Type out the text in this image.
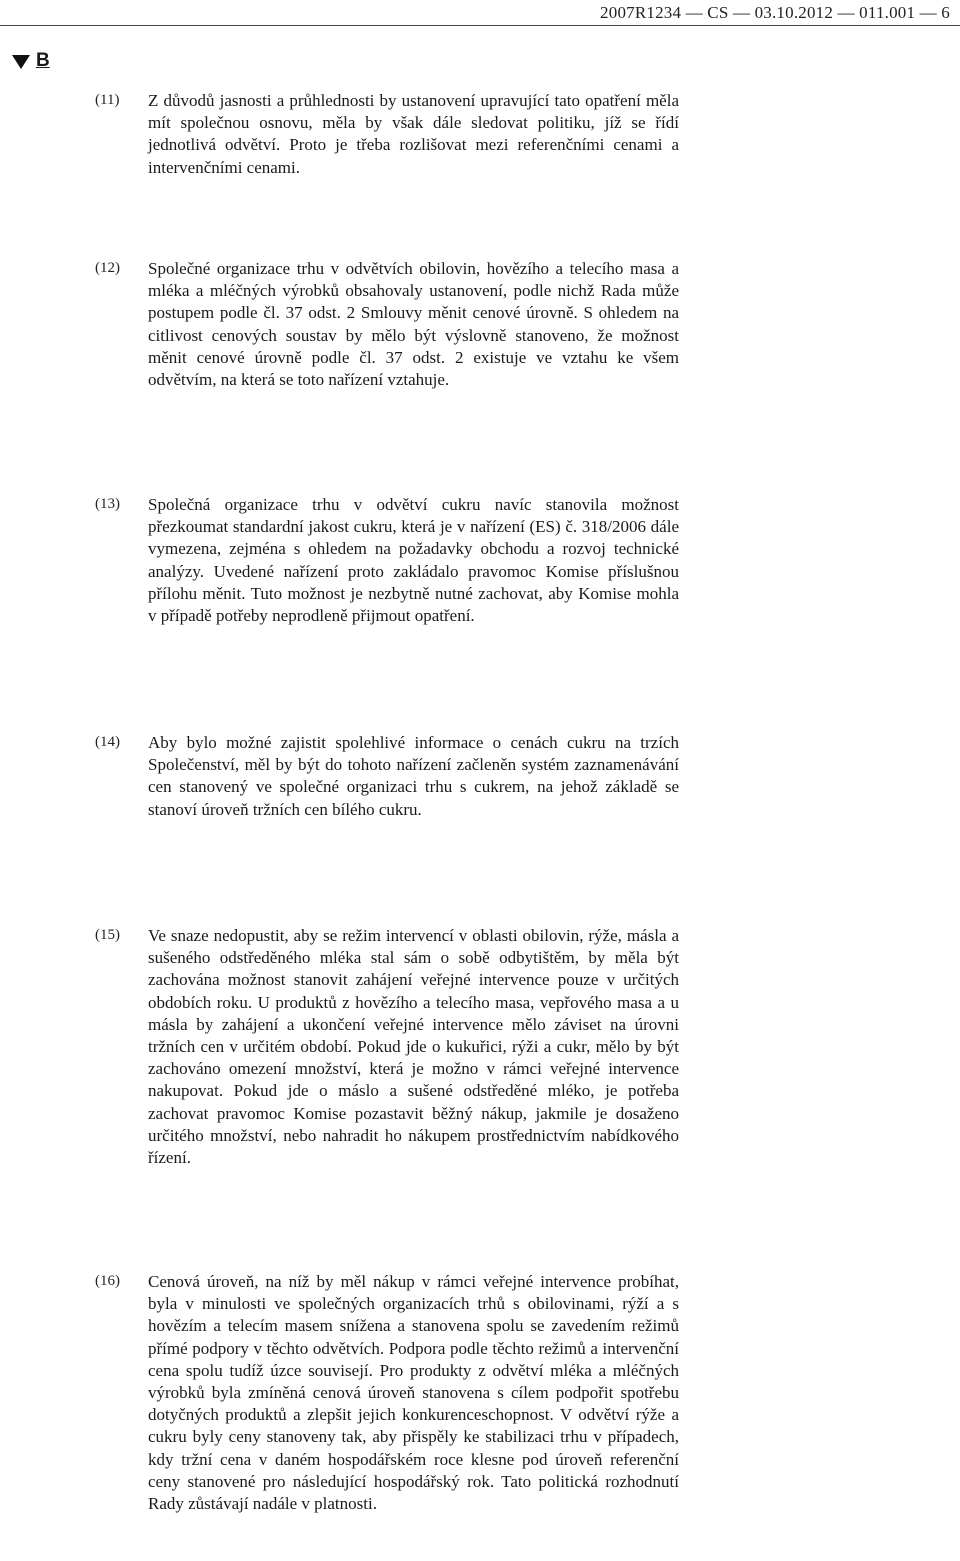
2007R1234 — CS — 03.10.2012 — 011.001 — 6
B
(11) Z důvodů jasnosti a průhlednosti by ustanovení upravující tato opatření měla mít společnou osnovu, měla by však dále sledovat politiku, jíž se řídí jednotlivá odvětví. Proto je třeba rozlišovat mezi referenčními cenami a intervenčními cenami.
(12) Společné organizace trhu v odvětvích obilovin, hovězího a telecího masa a mléka a mléčných výrobků obsahovaly ustanovení, podle nichž Rada může postupem podle čl. 37 odst. 2 Smlouvy měnit cenové úrovně. S ohledem na citlivost cenových soustav by mělo být výslovně stanoveno, že možnost měnit cenové úrovně podle čl. 37 odst. 2 existuje ve vztahu ke všem odvětvím, na která se toto nařízení vztahuje.
(13) Společná organizace trhu v odvětví cukru navíc stanovila možnost přezkoumat standardní jakost cukru, která je v nařízení (ES) č. 318/2006 dále vymezena, zejména s ohledem na požadavky obchodu a rozvoj technické analýzy. Uvedené nařízení proto zakládalo pravomoc Komise příslušnou přílohu měnit. Tuto možnost je nezbytně nutné zachovat, aby Komise mohla v případě potřeby neprodleně přijmout opatření.
(14) Aby bylo možné zajistit spolehlivé informace o cenách cukru na trzích Společenství, měl by být do tohoto nařízení začleněn systém zaznamenávání cen stanovený ve společné organizaci trhu s cukrem, na jehož základě se stanoví úroveň tržních cen bílého cukru.
(15) Ve snaze nedopustit, aby se režim intervencí v oblasti obilovin, rýže, másla a sušeného odstředěného mléka stal sám o sobě odbytištěm, by měla být zachována možnost stanovit zahájení veřejné intervence pouze v určitých obdobích roku. U produktů z hovězího a telecího masa, vepřového masa a u másla by zahájení a ukončení veřejné intervence mělo záviset na úrovni tržních cen v určitém období. Pokud jde o kukuřici, rýži a cukr, mělo by být zachováno omezení množství, která je možno v rámci veřejné intervence nakupovat. Pokud jde o máslo a sušené odstředěné mléko, je potřeba zachovat pravomoc Komise pozastavit běžný nákup, jakmile je dosaženo určitého množství, nebo nahradit ho nákupem prostřednictvím nabídkového řízení.
(16) Cenová úroveň, na níž by měl nákup v rámci veřejné intervence probíhat, byla v minulosti ve společných organizacích trhů s obilovinami, rýží a s hovězím a telecím masem snížena a stanovena spolu se zavedením režimů přímé podpory v těchto odvětvích. Podpora podle těchto režimů a intervenční cena spolu tudíž úzce souvisejí. Pro produkty z odvětví mléka a mléčných výrobků byla zmíněná cenová úroveň stanovena s cílem podpořit spotřebu dotyčných produktů a zlepšit jejich konkurenceschopnost. V odvětví rýže a cukru byly ceny stanoveny tak, aby přispěly ke stabilizaci trhu v případech, kdy tržní cena v daném hospodářském roce klesne pod úroveň referenční ceny stanovené pro následující hospodářský rok. Tato politická rozhodnutí Rady zůstávají nadále v platnosti.
